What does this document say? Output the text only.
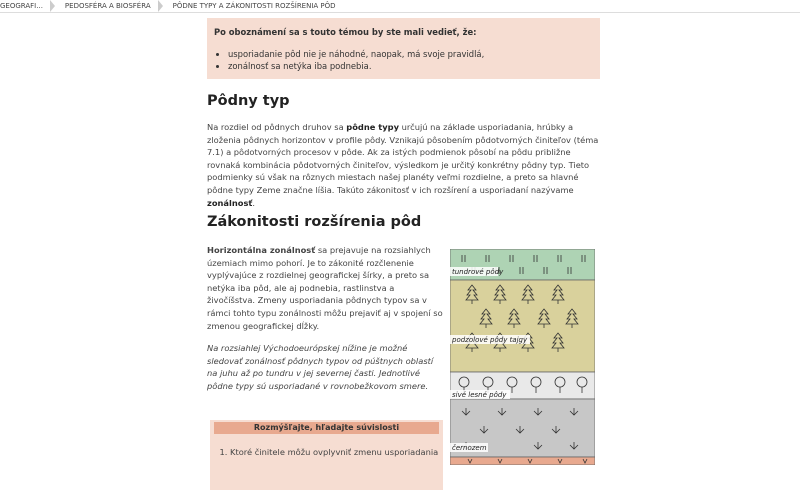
GEOGRAFI...	PEDOSFÉRA A BIOSFÉRA	PÔDNE TYPY A ZÁKONITOSTI ROZŠÍRENIA PÔD

Po oboznámení sa s touto témou by ste mali vedieť, že:

• usporiadanie pôd nie je náhodné, naopak, má svoje pravidlá,
• zonálnosť sa netýka iba podnebia.
Pôdny typ

Na rozdiel od pôdnych druhov sa pôdne typy určujú na základe usporiadania, hrúbky a zloženia pôdnych horizontov v profile pôdy. Vznikajú pôsobením pôdotvorných činiteľov (téma 7.1) a pôdotvorných procesov v pôde. Ak za istých podmienok pôsobí na pôdu približne rovnaká kombinácia pôdotvorných činiteľov, výsledkom je určitý konkrétny pôdny typ. Tieto podmienky sú však na rôznych miestach našej planéty veľmi rozdielne, a preto sa hlavné pôdne typy Zeme značne líšia. Takúto zákonitosť v ich rozšírení a usporiadaní nazývame zonálnosť.

Zákonitosti rozšírenia pôd

Horizontálna zonálnosť sa prejavuje na rozsiahlych územiach mimo pohorí. Je to zákonité rozčlenenie vyplývajúce z rozdielnej geografickej šírky, a preto sa netýka iba pôd, ale aj podnebia, rastlinstva a živočíšstva. Zmeny usporiadania pôdnych typov sa v rámci tohto typu zonálnosti môžu prejaviť aj v spojení so zmenou geografickej dĺžky.

Na rozsiahlej Východoeurópskej nížine je možné sledovať zonálnosť pôdnych typov od púštnych oblastí na juhu až po tundru v jej severnej časti. Jednotlivé pôdne typy sú usporiadané v rovnobežkovom smere.

Rozmýšľajte, hľadajte súvislosti
1. Ktoré činitele môžu ovplyvniť zmenu usporiadania
tundrové pôdy
podzolové pôdy tajgy
sivé lesné pôdy
černozem
